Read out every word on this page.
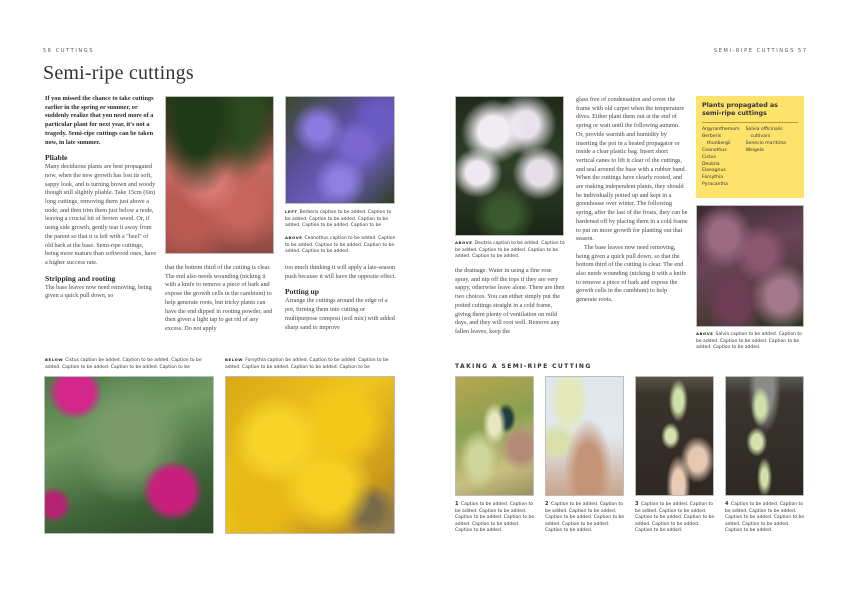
56 CUTTINGS
Semi-ripe cuttings

If you missed the chance to take cuttings earlier in the spring or summer, or suddenly realize that you need more of a particular plant for next year, it's not a tragedy. Semi-ripe cuttings can be taken now, in late summer.

Pliable

Many deciduous plants are best propagated now, when the new growth has lost its soft, sappy look, and is turning brown and woody though still slightly pliable. Take 15cm (6in) long cuttings, removing them just above a node, and then trim them just below a node, leaving a crucial bit of brown wood. Or, if using side growth, gently tear it away from the parent so that it is left with a "heel" of old bark at the base. Semi-ripe cuttings, being more mature than softwood ones, have a higher success rate.

Stripping and rooting

The base leaves now need removing, being given a quick pull down, so

LEFT Berberis caption to be added. Caption to be added. Caption to be added. Caption to be added. Caption to be added. Caption to be
ABOVE Ceanothus caption to be added. Caption to be added. Caption to be added. Caption to be added. Caption to be added.

that the bottom third of the cutting is clear. The end also needs wounding (nicking it with a knife to remove a piece of bark and expose the growth cells in the cambium) to help generate roots, but tricky plants can have the end dipped in rooting powder, and then given a light tap to get rid of any excess. Do not apply

too much thinking it will apply a late-season push because it will have the opposite effect.

Potting up

Arrange the cuttings around the edge of a pot, firming them into cutting or multipurpose compost (soil mix) with added sharp sand to improve

BELOW Cistus caption be added. Caption to be added. Caption to be added. Caption to be added. Caption to be added. Caption to be
BELOW Forsythia caption be added. Caption to be added. Caption to be added. Caption to be added. Caption to be added. Caption to be
SEMI-RIPE CUTTINGS 57
ABOVE Deutzia caption to be added. Caption to be added. Caption to be added. Caption to be added. Caption to be added.

the drainage. Water in using a fine rose spray, and nip off the tops if they are very sappy, otherwise leave alone. There are then two choices. You can either simply put the potted cuttings straight in a cold frame, giving them plenty of ventilation on mild days, and they will root well. Remove any fallen leaves, keep the

glass free of condensation and cover the frame with old carpet when the temperature dives. Either plant them out at the end of spring or wait until the following autumn. Or, provide warmth and humidity by inserting the pot in a heated propagator or inside a clear plastic bag. Insert short vertical canes to lift it clear of the cuttings, and seal around the base with a rubber band. When the cuttings have clearly rooted, and are making independent plants, they should be individually potted up and kept in a greenhouse over winter. The following spring, after the last of the frosts, they can be hardened off by placing them in a cold frame to put on more growth for planting out that season.

The base leaves now need removing, being given a quick pull down, so that the bottom third of the cutting is clear. The end also needs wounding (nicking it with a knife to remove a piece of bark and expose the growth cells in the cambium) to help generate roots.

Plants propagated as semi-ripe cuttings
Argyranthemum
Berberis
thunbergii
Ceanothus
Cistus
Deutzia
Elaeagnus
Forsythia
Pyracantha
Salvia officinalis
cultivars
Senecio maritima
Weigela
ABOVE Salvia caption to be added. Caption to be added. Caption to be added. Caption to be added. Caption to be added.
TAKING A SEMI-RIPE CUTTING
1 Caption to be added. Caption to be added. Caption to be added. Caption to be added. Caption to be added. Caption to be added. Caption to be added.
2 Caption to be added. Caption to be added. Caption to be added. Caption to be added. Caption to be added. Caption to be added. Caption to be added.
3 Caption to be added. Caption to be added. Caption to be added. Caption to be added. Caption to be added. Caption to be added. Caption to be added.
4 Caption to be added. Caption to be added. Caption to be added. Caption to be added. Caption to be added. Caption to be added. Caption to be added.
